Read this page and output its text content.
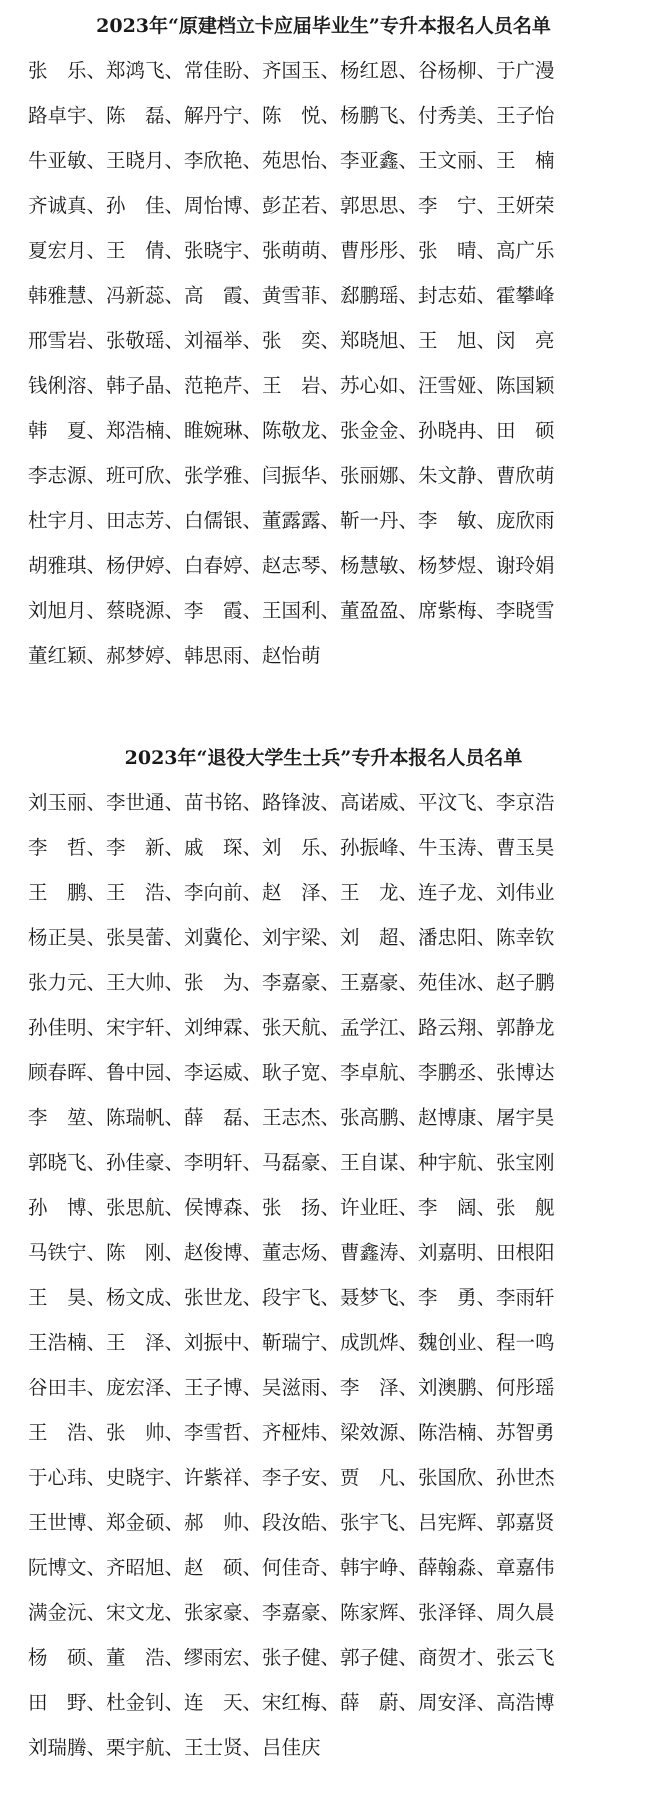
2023年“原建档立卡应届毕业生”专升本报名人员名单
张　乐、郑鸿飞、常佳盼、齐国玉、杨红恩、谷杨柳、于广漫
路卓宇、陈　磊、解丹宁、陈　悦、杨鹏飞、付秀美、王子怡
牛亚敏、王晓月、李欣艳、苑思怡、李亚鑫、王文丽、王　楠
齐诚真、孙　佳、周怡博、彭芷若、郭思思、李　宁、王妍荣
夏宏月、王　倩、张晓宇、张萌萌、曹彤彤、张　晴、高广乐
韩雅慧、冯新蕊、高　霞、黄雪菲、郄鹏瑶、封志茹、霍攀峰
邢雪岩、张敬瑶、刘福举、张　奕、郑晓旭、王　旭、闵　亮
钱俐溶、韩子晶、范艳芹、王　岩、苏心如、汪雪娅、陈国颖
韩　夏、郑浩楠、睢婉琳、陈敬龙、张金金、孙晓冉、田　硕
李志源、班可欣、张学雅、闫振华、张丽娜、朱文静、曹欣萌
杜宇月、田志芳、白儒银、董露露、靳一丹、李　敏、庞欣雨
胡雅琪、杨伊婷、白春婷、赵志琴、杨慧敏、杨梦煜、谢玲娟
刘旭月、蔡晓源、李　霞、王国利、董盈盈、席紫梅、李晓雪
董红颖、郝梦婷、韩思雨、赵怡萌
2023年“退役大学生士兵”专升本报名人员名单
刘玉丽、李世通、苗书铭、路锋波、高诺威、平汶飞、李京浩
李　哲、李　新、戚　琛、刘　乐、孙振峰、牛玉涛、曹玉昊
王　鹏、王　浩、李向前、赵　泽、王　龙、连子龙、刘伟业
杨正昊、张昊蕾、刘冀伦、刘宇梁、刘　超、潘忠阳、陈幸钦
张力元、王大帅、张　为、李嘉豪、王嘉豪、苑佳冰、赵子鹏
孙佳明、宋宇轩、刘绅霖、张天航、孟学江、路云翔、郭静龙
顾春晖、鲁中园、李运威、耿子宽、李卓航、李鹏丞、张博达
李　堃、陈瑞帆、薛　磊、王志杰、张高鹏、赵博康、屠宇昊
郭晓飞、孙佳豪、李明轩、马磊豪、王自谋、种宇航、张宝刚
孙　博、张思航、侯博森、张　扬、许业旺、李　阔、张　舰
马铁宁、陈　刚、赵俊博、董志炀、曹鑫涛、刘嘉明、田根阳
王　昊、杨文成、张世龙、段宇飞、聂梦飞、李　勇、李雨轩
王浩楠、王　泽、刘振中、靳瑞宁、成凯烨、魏创业、程一鸣
谷田丰、庞宏泽、王子博、吴滋雨、李　泽、刘澳鹏、何彤瑶
王　浩、张　帅、李雪哲、齐桠炜、梁效源、陈浩楠、苏智勇
于心玮、史晓宇、许紫祥、李子安、贾　凡、张国欣、孙世杰
王世博、郑金硕、郝　帅、段汝皓、张宇飞、吕宪辉、郭嘉贤
阮博文、齐昭旭、赵　硕、何佳奇、韩宇峥、薛翰淼、章嘉伟
满金沅、宋文龙、张家豪、李嘉豪、陈家辉、张泽铎、周久晨
杨　硕、董　浩、缪雨宏、张子健、郭子健、商贺才、张云飞
田　野、杜金钊、连　天、宋红梅、薛　蔚、周安泽、高浩博
刘瑞腾、栗宇航、王士贤、吕佳庆
